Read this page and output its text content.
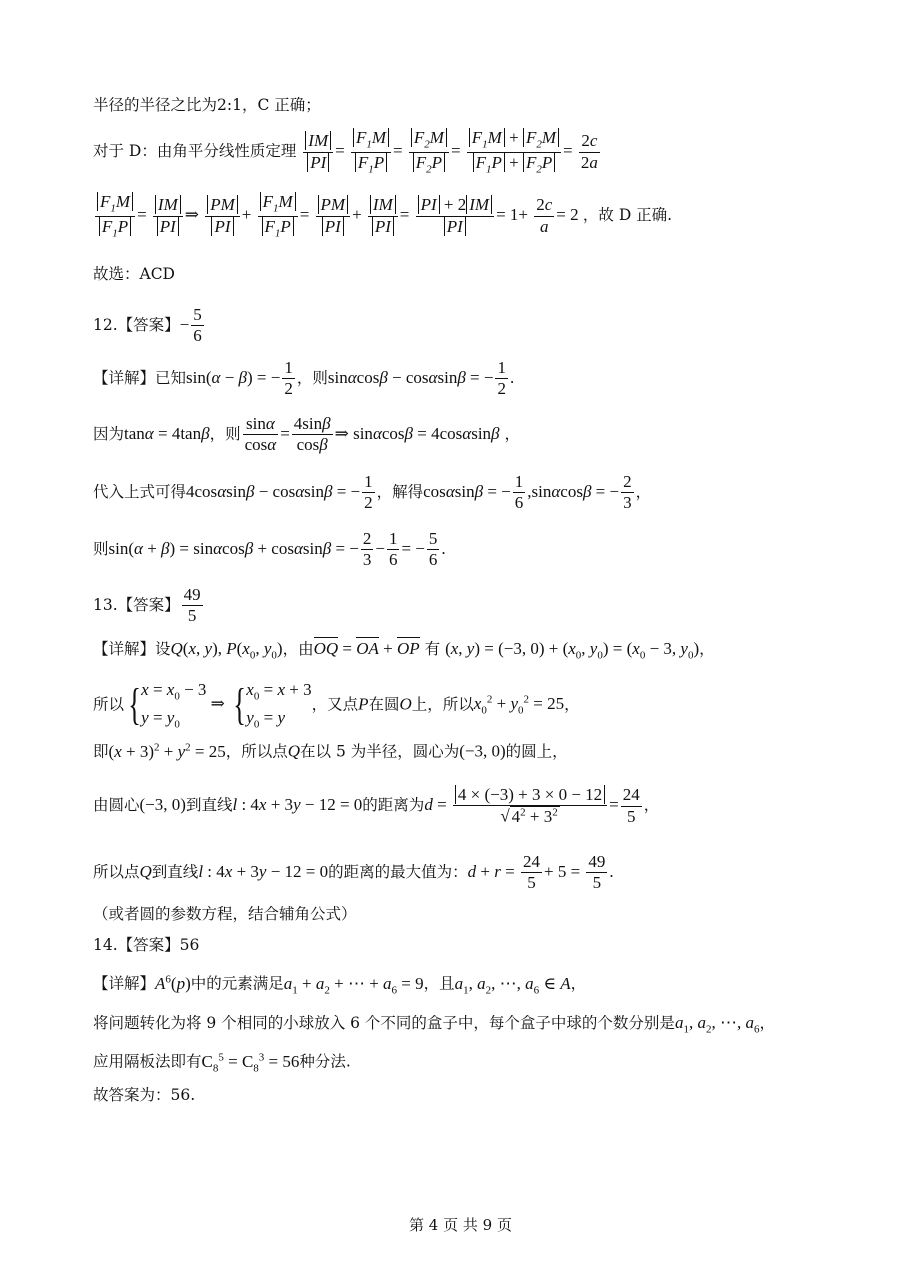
半径的半径之比为2:1，C 正确；
对于 D：由角平分线性质定理 $\frac{IM}{PI} = \frac{F_1M}{F_1P} = \frac{F_2M}{F_2P} = \frac{F_1M + F_2M}{F_1P + F_2P} = \frac{2c}{2a}$
$\frac{F_1M}{F_1P} = \frac{IM}{PI}$ ⇒ $\frac{PM}{PI} + \frac{F_1M}{F_1P} = \frac{PM}{PI} + \frac{IM}{PI} = \frac{PI + 2 IM}{PI} = 1+ \frac{2c}{a} = 2$ ，故 D 正确.
故选：ACD
12.【答案】− $\frac{5}{6}$
【详解】已知sin(α − β) = − $\frac{1}{2}$ ，则sinαcosβ − cosαsinβ = − $\frac{1}{2}$ .
因为tanα = 4tanβ，则 $\frac{\sin\alpha}{\cos\alpha} = \frac{4\sin\beta}{\cos\beta}$ ⇒ sinαcosβ = 4cosαsinβ ，
代入上式可得4cosαsinβ − cosαsinβ = − $\frac{1}{2}$ ，解得cosαsinβ = − $\frac{1}{6} ,\sin\alpha\cos\beta$ = − $\frac{2}{3}$ ，
则sin(α + β) = sinαcosβ + cosαsinβ = − $\frac{2}{3} - \frac{1}{6}$ = − $\frac{5}{6}$ .
13.【答案】 $\frac{49}{5}$
【详解】设Q(x, y), $P(x_0$, $y_0$)，由OQ = OA + OP 有 (x, y) = (−3, $0) + (x_0$, $y_0) = (x_0 - 3$, $y_0$)，
所以{ $x = x_0 - 3$
$y = y_0$
⇒ { $x_0 = x + 3$
$y_0 = y$
，又点P在圆O上，所以$x_0^2 + y_0^2 = 25$，
即$(x + 3)^2 + y^2 = 25$，所以点Q在以 5 为半径，圆心为(−3, 0)的圆上，
由圆心(−3, 0)到直线l : 4x + 3y − 12 = 0的距离为$d = \frac{4 \times (-3) + 3 \times 0 - 12}{√ 4^2 + 3^2} = \frac{24}{5}$ ，
所以点Q到直线l : 4x + 3y − 12 = 0的距离的最大值为：$d + r = \frac{24}{5} + 5 = \frac{49}{5}$ .
（或者圆的参数方程，结合辅角公式）
14.【答案】56
【详解】$A^6(p)$中的元素满足$a_1 + a_2$ + ⋯ + $a_6 = 9$，且$a_1$, $a_2$, ⋯, $a_6$ ∈ A，
将问题转化为将 9 个相同的小球放入 6 个不同的盒子中，每个盒子中球的个数分别是$a_1$, $a_2$, ⋯, $a_6$，
应用隔板法即有$C_8^5 = C_8^3 = 56$种分法.
故答案为：56.
第 4 页 共 9 页
